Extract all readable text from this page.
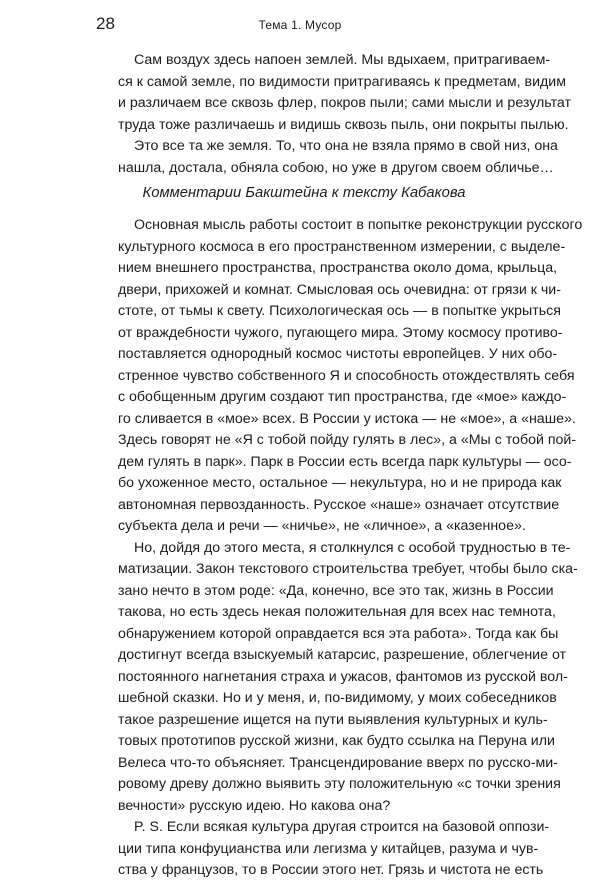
28	Тема 1. Мусор
Сам воздух здесь напоен землей. Мы вдыхаем, притрагиваем-
ся к самой земле, по видимости притрагиваясь к предметам, видим
и различаем все сквозь флер, покров пыли; сами мысли и результат
труда тоже различаешь и видишь сквозь пыль, они покрыты пылью.
Это все та же земля. То, что она не взяла прямо в свой низ, она
нашла, достала, обняла собою, но уже в другом своем обличье…
Комментарии Бакштейна к тексту Кабакова
Основная мысль работы состоит в попытке реконструкции русского
культурного космоса в его пространственном измерении, с выделе-
нием внешнего пространства, пространства около дома, крыльца,
двери, прихожей и комнат. Смысловая ось очевидна: от грязи к чи-
стоте, от тьмы к свету. Психологическая ось — в попытке укрыться
от враждебности чужого, пугающего мира. Этому космосу противо-
поставляется однородный космос чистоты европейцев. У них обо-
стренное чувство собственного Я и способность отождествлять себя
с обобщенным другим создают тип пространства, где «мое» каждо-
го сливается в «мое» всех. В России у истока — не «мое», а «наше».
Здесь говорят не «Я с тобой пойду гулять в лес», а «Мы с тобой пой-
дем гулять в парк». Парк в России есть всегда парк культуры — осо-
бо ухоженное место, остальное — некультура, но и не природа как
автономная первозданность. Русское «наше» означает отсутствие
субъекта дела и речи — «ничье», не «личное», а «казенное».
Но, дойдя до этого места, я столкнулся с особой трудностью в те-
матизации. Закон текстового строительства требует, чтобы было ска-
зано нечто в этом роде: «Да, конечно, все это так, жизнь в России
такова, но есть здесь некая положительная для всех нас темнота,
обнаружением которой оправдается вся эта работа». Тогда как бы
достигнут всегда взыскуемый катарсис, разрешение, облегчение от
постоянного нагнетания страха и ужасов, фантомов из русской вол-
шебной сказки. Но и у меня, и, по-видимому, у моих собеседников
такое разрешение ищется на пути выявления культурных и куль-
товых прототипов русской жизни, как будто ссылка на Перуна или
Велеса что-то объясняет. Трансцендирование вверх по русско-ми-
ровому древу должно выявить эту положительную «с точки зрения
вечности» русскую идею. Но какова она?
P. S. Если всякая культура другая строится на базовой оппози-
ции типа конфуцианства или легизма у китайцев, разума и чув-
ства у французов, то в России этого нет. Грязь и чистота не есть
